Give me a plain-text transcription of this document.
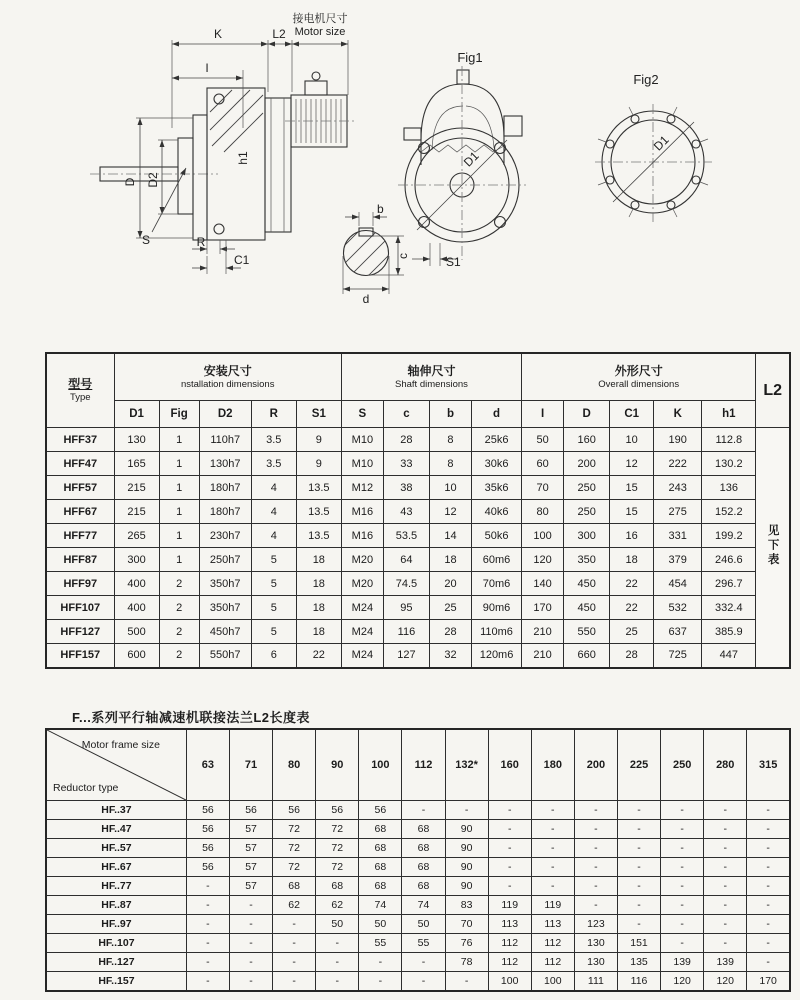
K	L2
接电机尺寸
Motor size
I
D D2
S	R
C1
h1
b
c
d
Fig1
D1
S1
Fig2
D1
型号
Type	安装尺寸
nstallation dimensions					轴伸尺寸
Shaft dimensions				外形尺寸
Overall dimensions					L2
	D1	Fig	D2	R	S1	S	c	b	d	I	D	C1	K	h1	
HFF37	130	1	110h7	3.5	9	M10	28	8	25k6	50	160	10	190	112.8	见下表
HFF47	165	1	130h7	3.5	9	M10	33	8	30k6	60	200	12	222	130.2	
HFF57	215	1	180h7	4	13.5	M12	38	10	35k6	70	250	15	243	136	
HFF67	215	1	180h7	4	13.5	M16	43	12	40k6	80	250	15	275	152.2	
HFF77	265	1	230h7	4	13.5	M16	53.5	14	50k6	100	300	16	331	199.2	
HFF87	300	1	250h7	5	18	M20	64	18	60m6	120	350	18	379	246.6	
HFF97	400	2	350h7	5	18	M20	74.5	20	70m6	140	450	22	454	296.7	
HFF107	400	2	350h7	5	18	M24	95	25	90m6	170	450	22	532	332.4	
HFF127	500	2	450h7	5	18	M24	116	28	110m6	210	550	25	637	385.9	
HFF157	600	2	550h7	6	22	M24	127	32	120m6	210	660	28	725	447	
F...系列平行轴减速机联接法兰L2长度表
Motor frame size
Reductor type	63	71	80	90	100	112	132*	160	180	200	225	250	280	315
HF..37	56	56	56	56	56	-	-	-	-	-	-	-	-	-
HF..47	56	57	72	72	68	68	90	-	-	-	-	-	-	-
HF..57	56	57	72	72	68	68	90	-	-	-	-	-	-	-
HF..67	56	57	72	72	68	68	90	-	-	-	-	-	-	-
HF..77	-	57	68	68	68	68	90	-	-	-	-	-	-	-
HF..87	-	-	62	62	74	74	83	119	119	-	-	-	-	-
HF..97	-	-	-	50	50	50	70	113	113	123	-	-	-	-
HF..107	-	-	-	-	55	55	76	112	112	130	151	-	-	-
HF..127	-	-	-	-	-	-	78	112	112	130	135	139	139	-
HF..157	-	-	-	-	-	-	-	100	100	111	116	120	120	170
